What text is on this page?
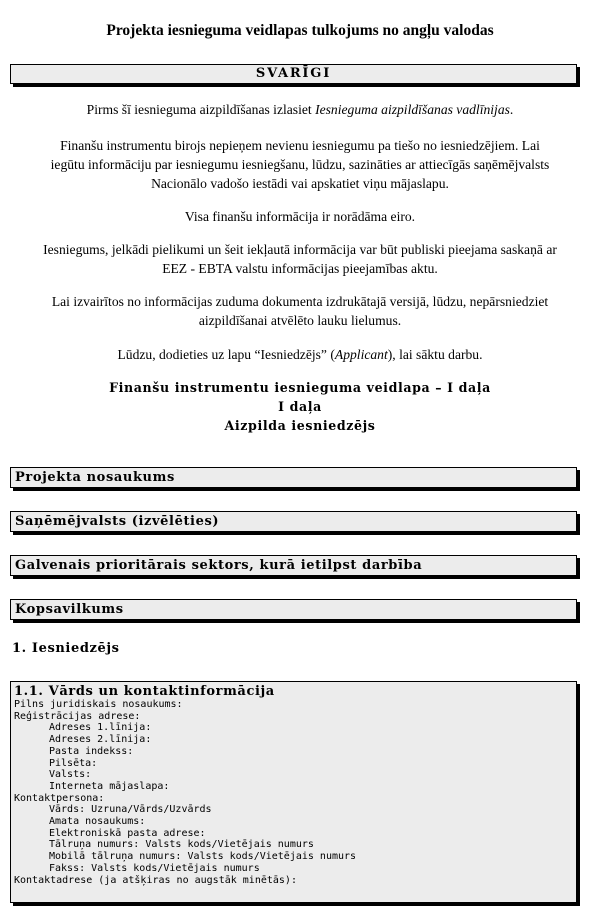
Projekta iesnieguma veidlapas tulkojums no angļu valodas
SVARĪGI
Pirms šī iesnieguma aizpildīšanas izlasiet Iesnieguma aizpildīšanas vadlīnijas.
Finanšu instrumentu birojs nepieņem nevienu iesniegumu pa tiešo no iesniedzējiem. Lai
iegūtu informāciju par iesniegumu iesniegšanu, lūdzu, sazināties ar attiecīgās saņēmējvalsts
Nacionālo vadošo iestādi vai apskatiet viņu mājaslapu.
Visa finanšu informācija ir norādāma eiro.
Iesniegums, jelkādi pielikumi un šeit iekļautā informācija var būt publiski pieejama saskaņā ar
EEZ - EBTA valstu informācijas pieejamības aktu.
Lai izvairītos no informācijas zuduma dokumenta izdrukātajā versijā, lūdzu, nepārsniedziet
aizpildīšanai atvēlēto lauku lielumus.
Lūdzu, dodieties uz lapu “Iesniedzējs” (Applicant), lai sāktu darbu.
Finanšu instrumentu iesnieguma veidlapa – I daļa
I daļa
Aizpilda iesniedzējs
Projekta nosaukums
Saņēmējvalsts (izvēlēties)
Galvenais prioritārais sektors, kurā ietilpst darbība
Kopsavilkums
1. Iesniedzējs
1.1. Vārds un kontaktinformācija
Pilns juridiskais nosaukums:
Reģistrācijas adrese:
Adreses 1.līnija:
Adreses 2.līnija:
Pasta indekss:
Pilsēta:
Valsts:
Interneta mājaslapa:
Kontaktpersona:
Vārds: Uzruna/Vārds/Uzvārds
Amata nosaukums:
Elektroniskā pasta adrese:
Tālruņa numurs: Valsts kods/Vietējais numurs
Mobilā tālruņa numurs: Valsts kods/Vietējais numurs
Fakss: Valsts kods/Vietējais numurs
Kontaktadrese (ja atšķiras no augstāk minētās):
